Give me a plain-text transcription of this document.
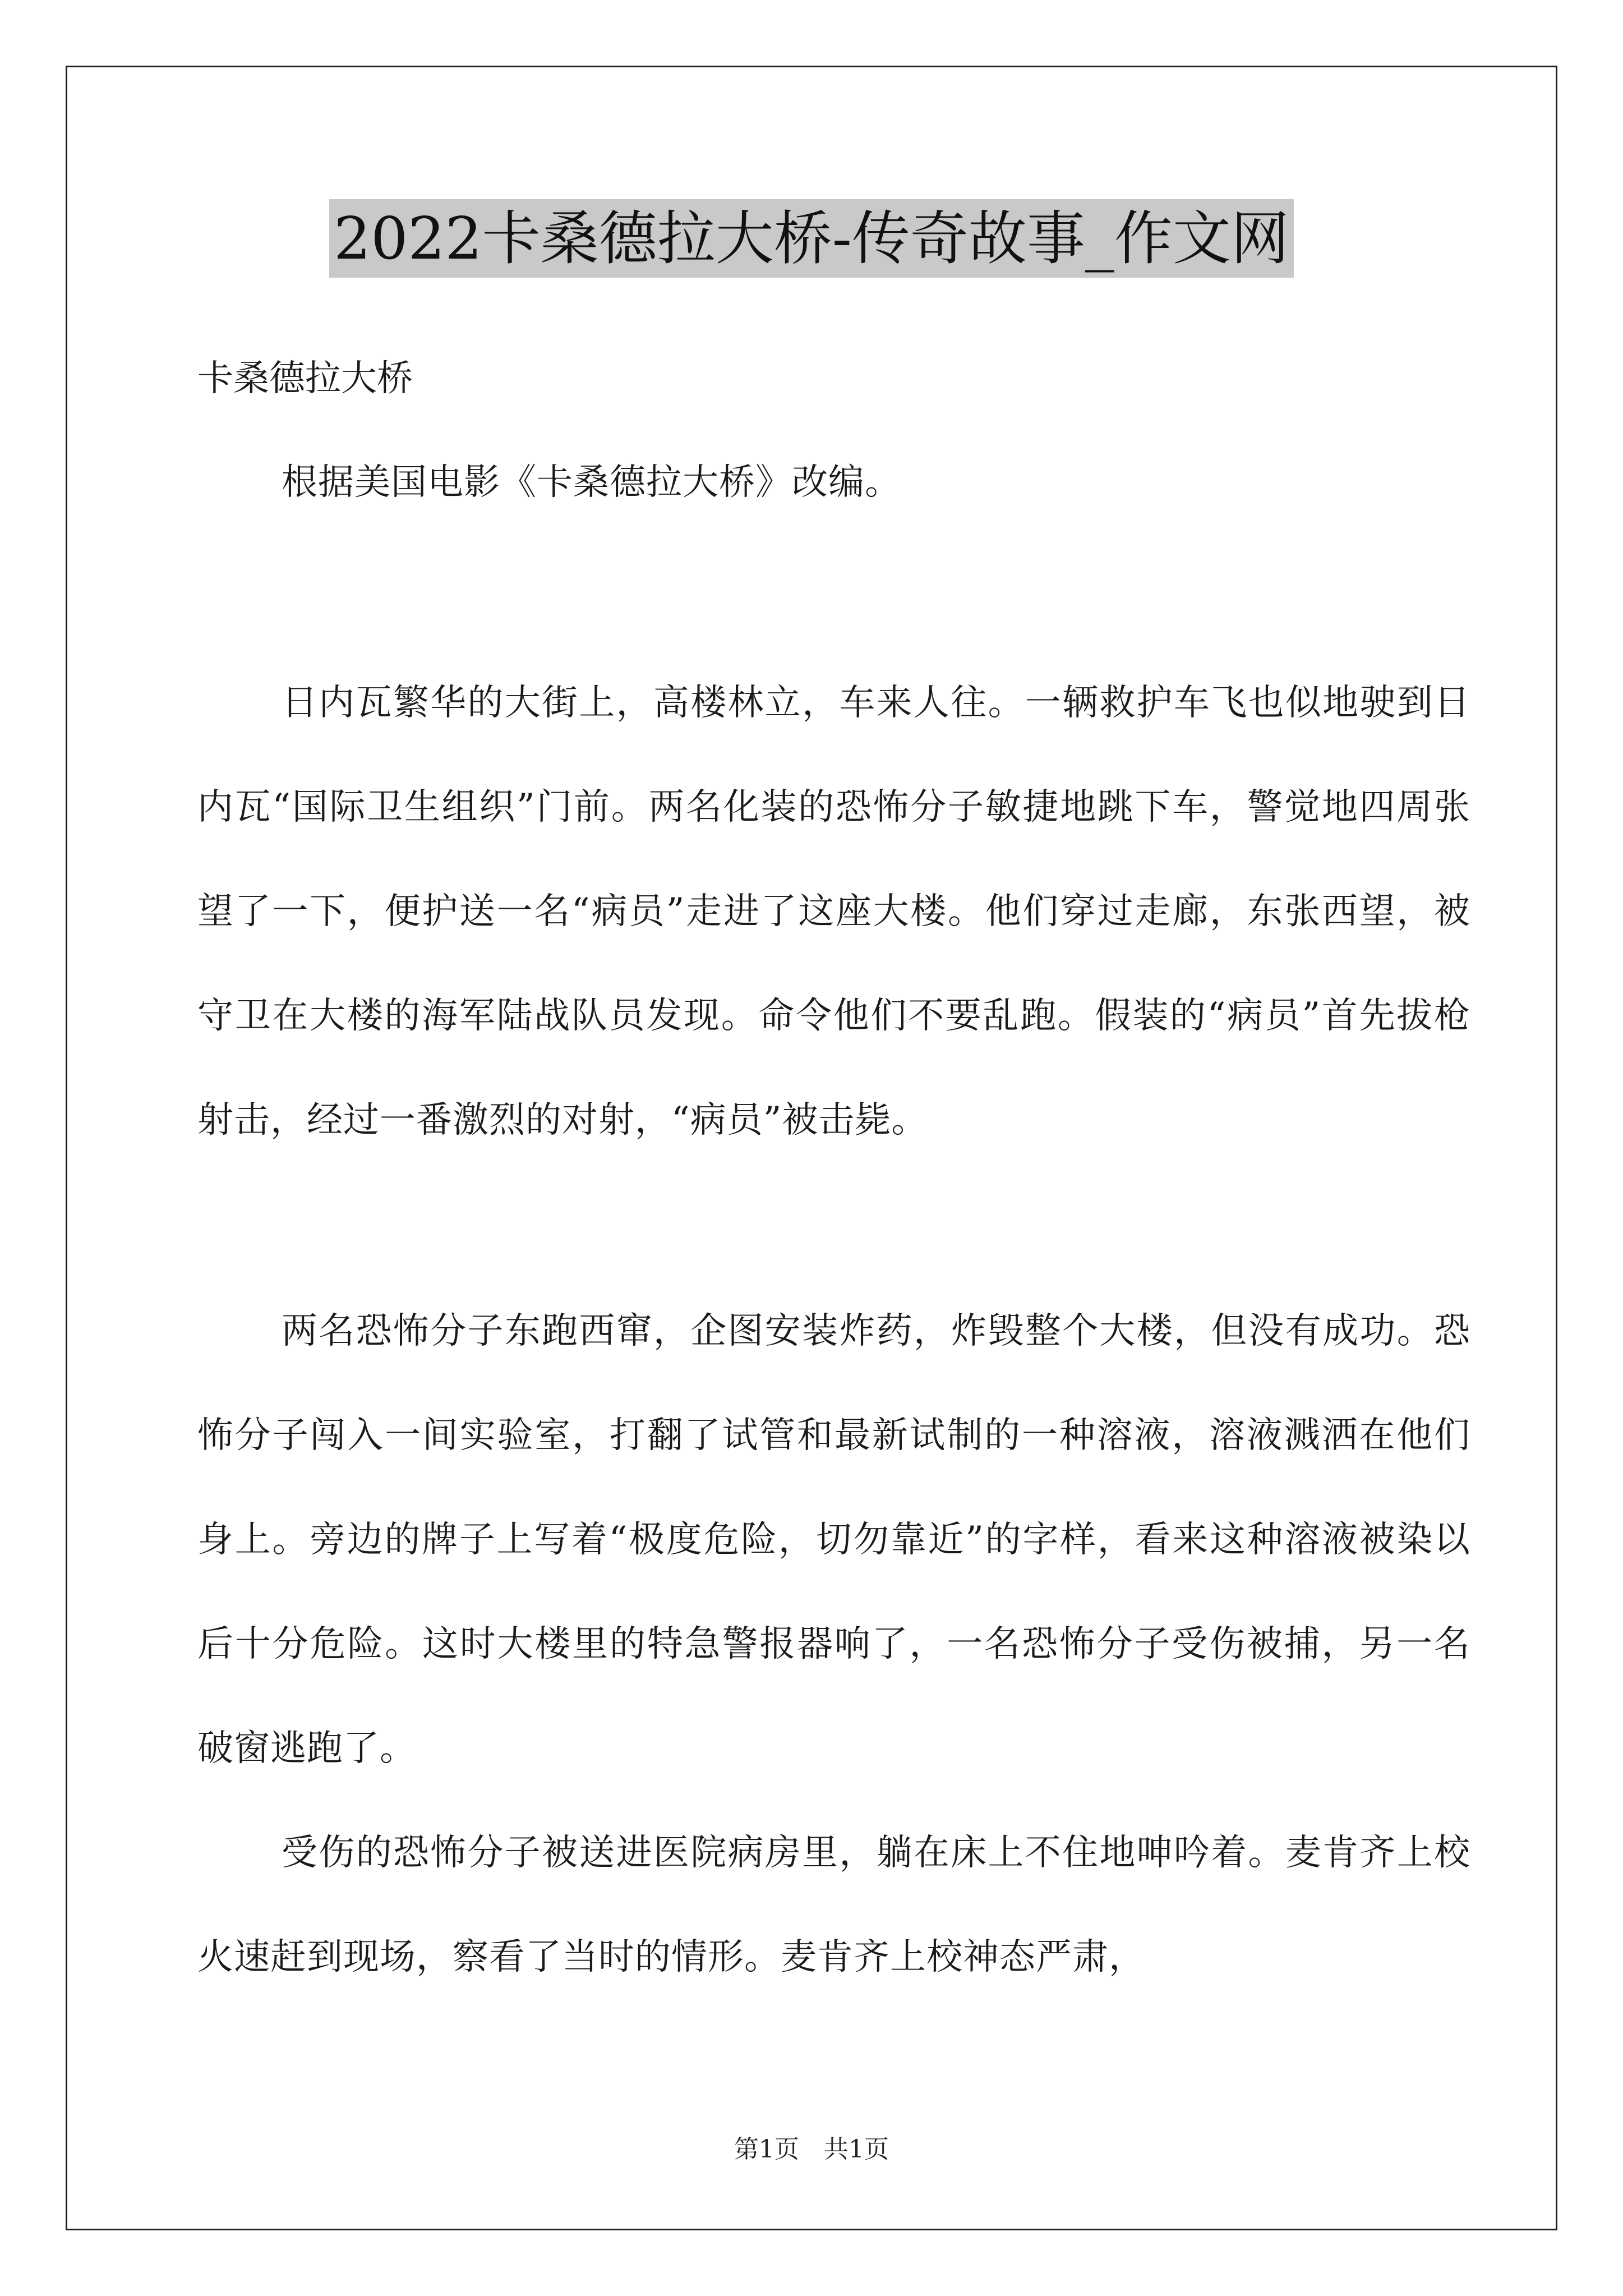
2022卡桑德拉大桥-传奇故事_作文网
卡桑德拉大桥

根据美国电影《卡桑德拉大桥》改编。

日内瓦繁华的大街上，高楼林立，车来人往。一辆救护车飞也似地驶到日内瓦“国际卫生组织”门前。两名化装的恐怖分子敏捷地跳下车，警觉地四周张望了一下，便护送一名“病员”走进了这座大楼。他们穿过走廊，东张西望，被守卫在大楼的海军陆战队员发现。命令他们不要乱跑。假装的“病员”首先拔枪射击，经过一番激烈的对射，“病员”被击毙。

两名恐怖分子东跑西窜，企图安装炸药，炸毁整个大楼，但没有成功。恐怖分子闯入一间实验室，打翻了试管和最新试制的一种溶液，溶液溅洒在他们身上。旁边的牌子上写着“极度危险，切勿靠近”的字样，看来这种溶液被染以后十分危险。这时大楼里的特急警报器响了，一名恐怖分子受伤被捕，另一名破窗逃跑了。

受伤的恐怖分子被送进医院病房里，躺在床上不住地呻吟着。麦肯齐上校火速赶到现场，察看了当时的情形。麦肯齐上校神态严肃，

第1页　共1页
